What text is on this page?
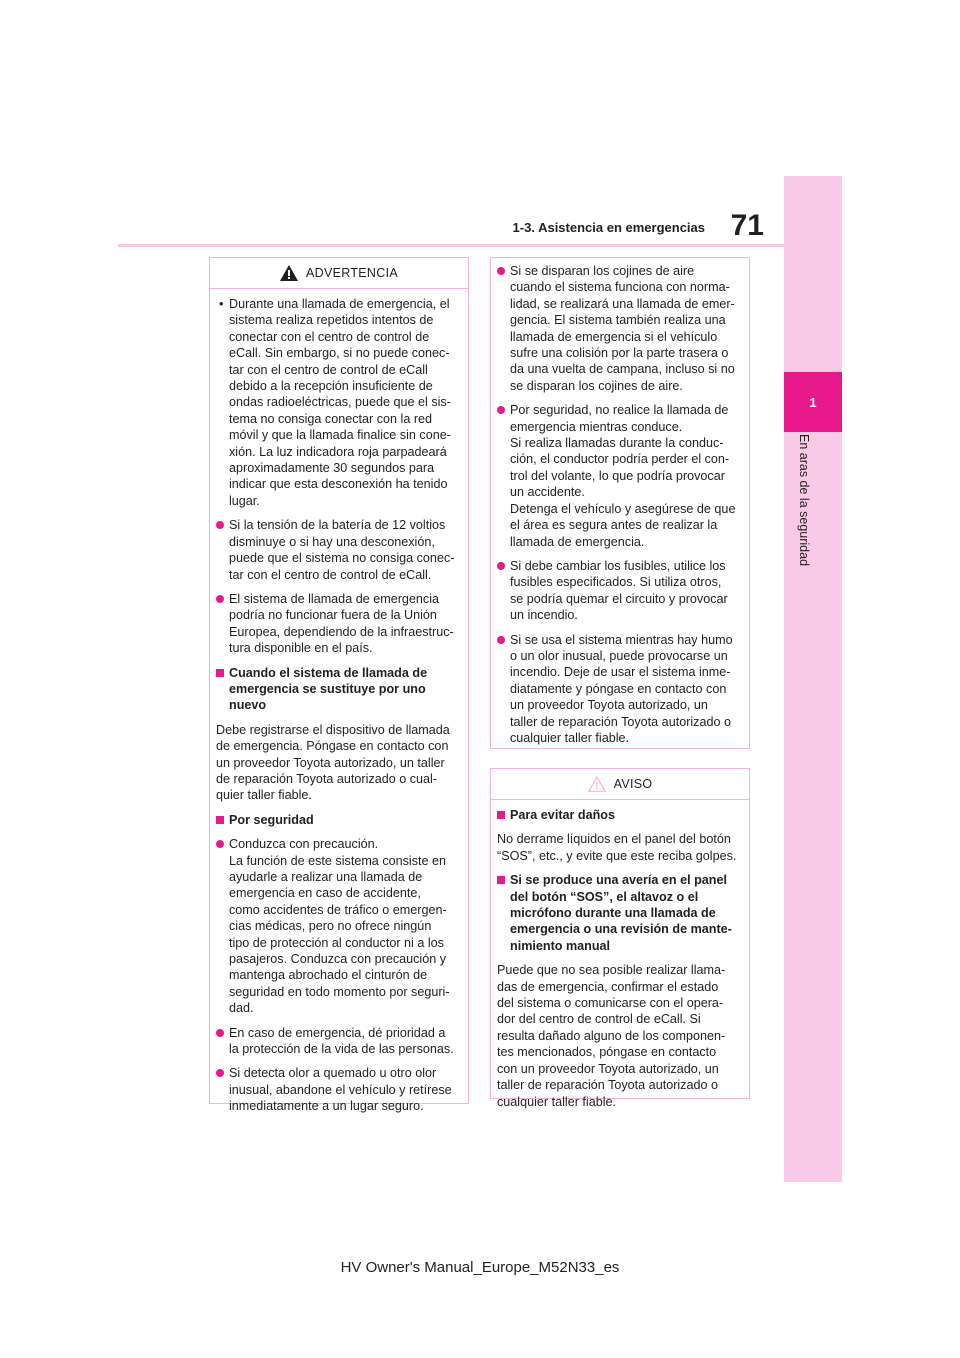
1
En aras de la seguridad
71
1-3. Asistencia en emergencias
ADVERTENCIA
• Durante una llamada de emergencia, el
sistema realiza repetidos intentos de
conectar con el centro de control de
eCall. Sin embargo, si no puede conec-
tar con el centro de control de eCall
debido a la recepción insuficiente de
ondas radioeléctricas, puede que el sis-
tema no consiga conectar con la red
móvil y que la llamada finalice sin cone-
xión. La luz indicadora roja parpadeará
aproximadamente 30 segundos para
indicar que esta desconexión ha tenido
lugar.
Si la tensión de la batería de 12 voltios
disminuye o si hay una desconexión,
puede que el sistema no consiga conec-
tar con el centro de control de eCall.
El sistema de llamada de emergencia
podría no funcionar fuera de la Unión
Europea, dependiendo de la infraestruc-
tura disponible en el país.
Cuando el sistema de llamada de
emergencia se sustituye por uno
nuevo
Debe registrarse el dispositivo de llamada
de emergencia. Póngase en contacto con
un proveedor Toyota autorizado, un taller
de reparación Toyota autorizado o cual-
quier taller fiable.
Por seguridad
Conduzca con precaución.
La función de este sistema consiste en
ayudarle a realizar una llamada de
emergencia en caso de accidente,
como accidentes de tráfico o emergen-
cias médicas, pero no ofrece ningún
tipo de protección al conductor ni a los
pasajeros. Conduzca con precaución y
mantenga abrochado el cinturón de
seguridad en todo momento por seguri-
dad.
En caso de emergencia, dé prioridad a
la protección de la vida de las personas.
Si detecta olor a quemado u otro olor
inusual, abandone el vehículo y retírese
inmediatamente a un lugar seguro.
Si se disparan los cojines de aire
cuando el sistema funciona con norma-
lidad, se realizará una llamada de emer-
gencia. El sistema también realiza una
llamada de emergencia si el vehículo
sufre una colisión por la parte trasera o
da una vuelta de campana, incluso si no
se disparan los cojines de aire.
Por seguridad, no realice la llamada de
emergencia mientras conduce.
Si realiza llamadas durante la conduc-
ción, el conductor podría perder el con-
trol del volante, lo que podría provocar
un accidente.
Detenga el vehículo y asegúrese de que
el área es segura antes de realizar la
llamada de emergencia.
Si debe cambiar los fusibles, utilice los
fusibles especificados. Si utiliza otros,
se podría quemar el circuito y provocar
un incendio.
Si se usa el sistema mientras hay humo
o un olor inusual, puede provocarse un
incendio. Deje de usar el sistema inme-
diatamente y póngase en contacto con
un proveedor Toyota autorizado, un
taller de reparación Toyota autorizado o
cualquier taller fiable.
AVISO
Para evitar daños
No derrame líquidos en el panel del botón
“SOS”, etc., y evite que este reciba golpes.
Si se produce una avería en el panel
del botón “SOS”, el altavoz o el
micrófono durante una llamada de
emergencia o una revisión de mante-
nimiento manual
Puede que no sea posible realizar llama-
das de emergencia, confirmar el estado
del sistema o comunicarse con el opera-
dor del centro de control de eCall. Si
resulta dañado alguno de los componen-
tes mencionados, póngase en contacto
con un proveedor Toyota autorizado, un
taller de reparación Toyota autorizado o
cualquier taller fiable.
HV Owner's Manual_Europe_M52N33_es
